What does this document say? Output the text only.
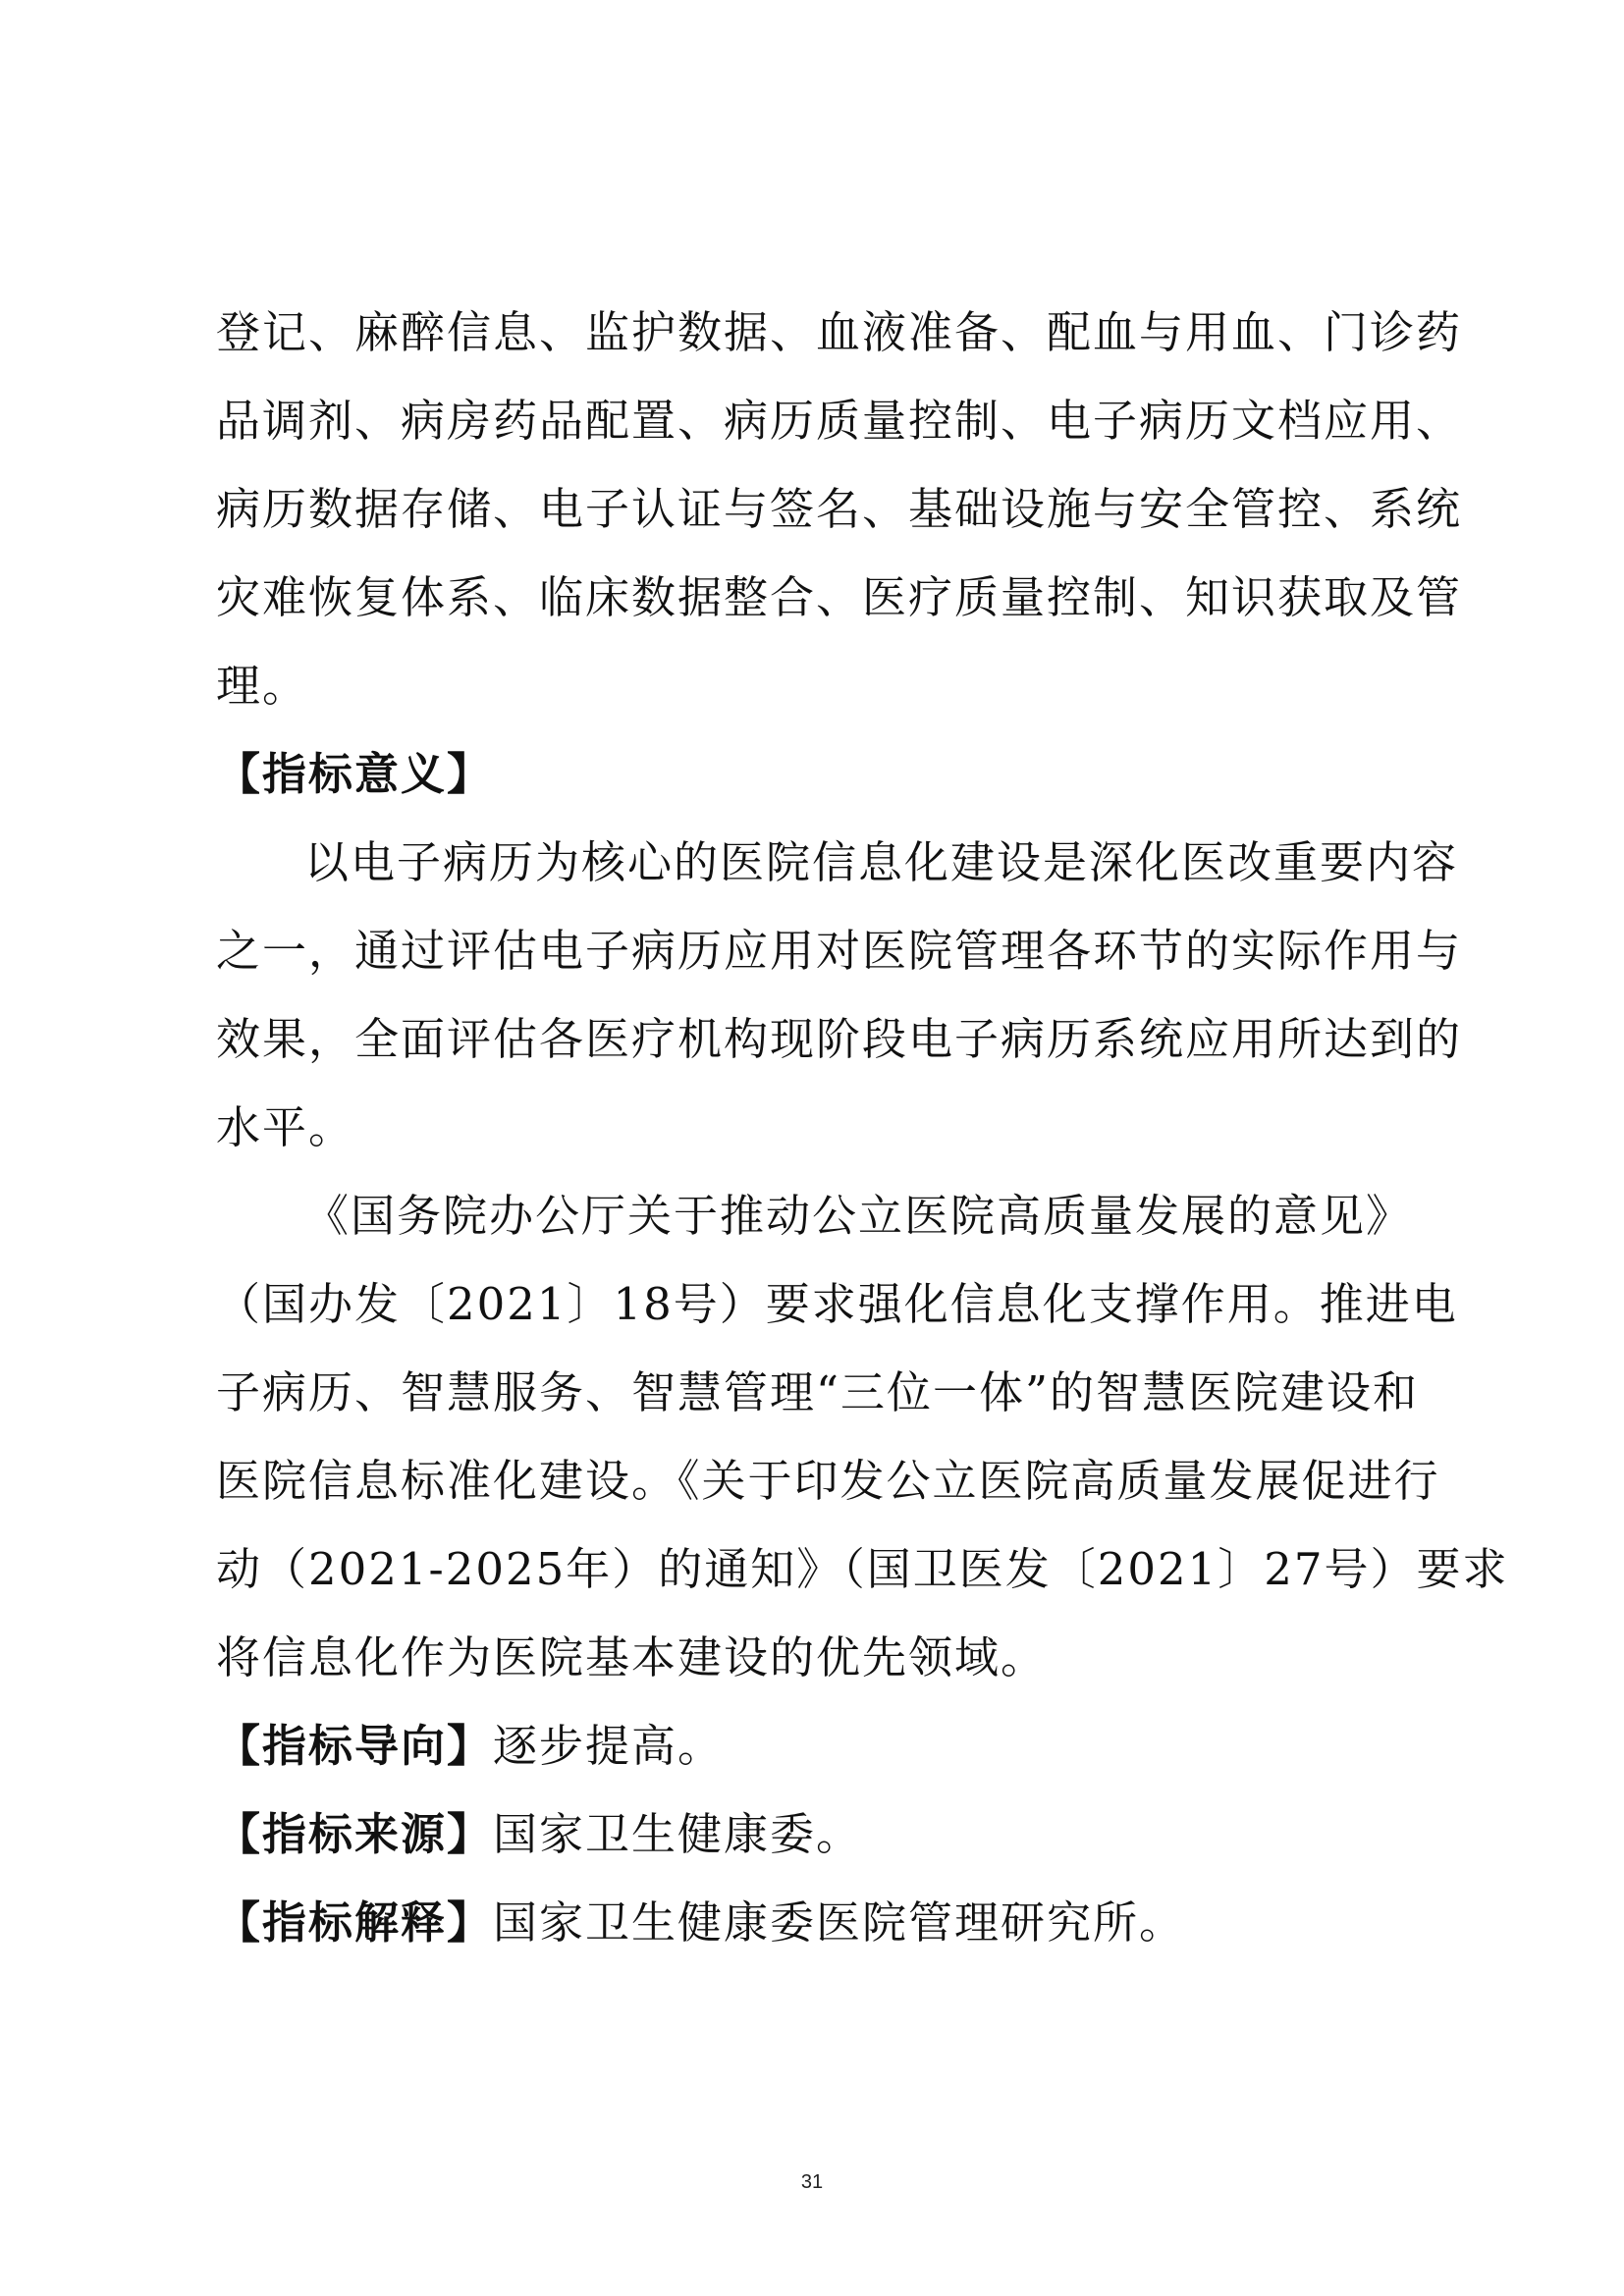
登记、麻醉信息、监护数据、血液准备、配血与用血、门诊药
品调剂、病房药品配置、病历质量控制、电子病历文档应用、
病历数据存储、电子认证与签名、基础设施与安全管控、系统
灾难恢复体系、临床数据整合、医疗质量控制、知识获取及管
理。
【指标意义】
以电子病历为核心的医院信息化建设是深化医改重要内容
之一，通过评估电子病历应用对医院管理各环节的实际作用与
效果，全面评估各医疗机构现阶段电子病历系统应用所达到的
水平。
《国务院办公厅关于推动公立医院高质量发展的意见》
（国办发〔2021〕18号）要求强化信息化支撑作用。推进电
子病历、智慧服务、智慧管理“三位一体”的智慧医院建设和
医院信息标准化建设。《关于印发公立医院高质量发展促进行
动（2021-2025年）的通知》（国卫医发〔2021〕27号）要求
将信息化作为医院基本建设的优先领域。
【指标导向】逐步提高。
【指标来源】国家卫生健康委。
【指标解释】国家卫生健康委医院管理研究所。
31
